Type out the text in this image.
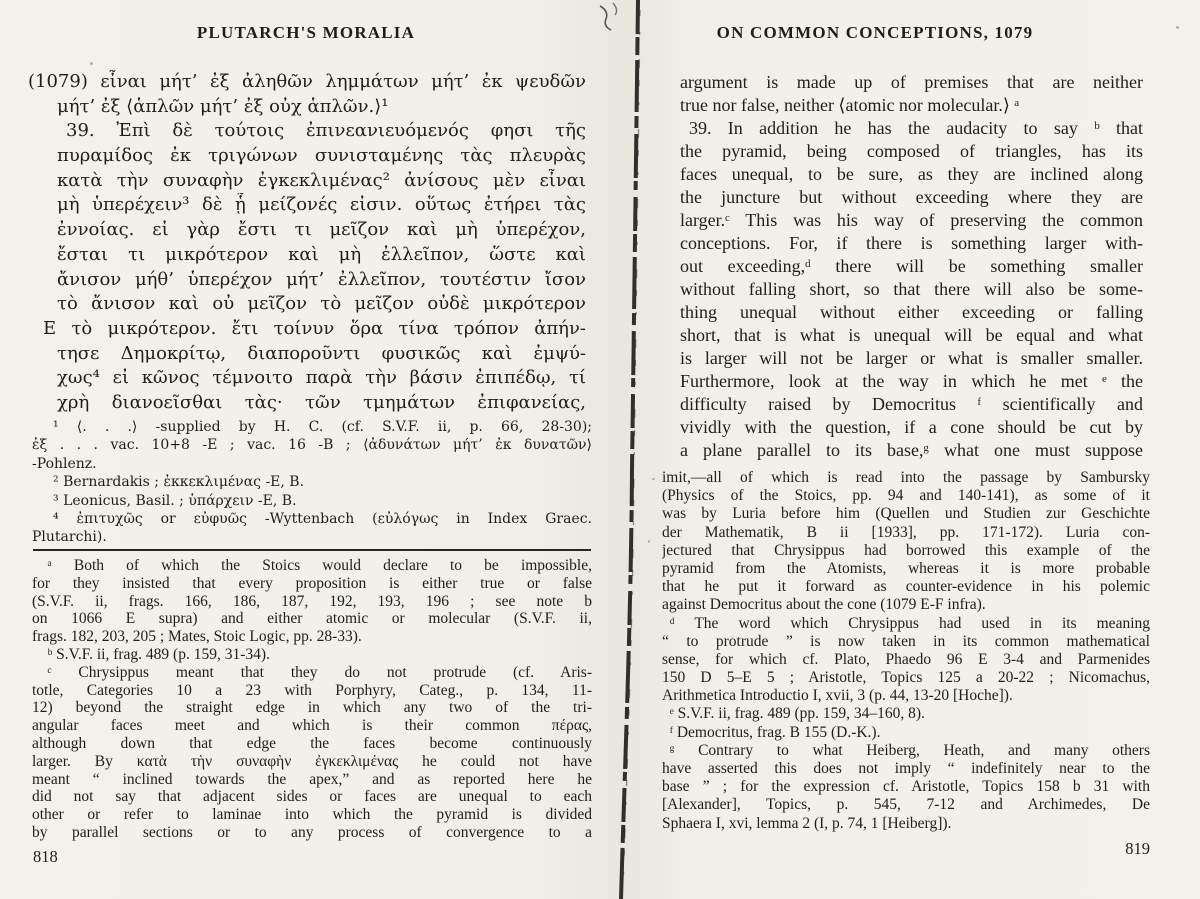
PLUTARCH'S MORALIA
(1079) εἶναι μήτ’ ἐξ ἀληθῶν λημμάτων μήτ’ ἐκ ψευδῶν
μήτ’ ἐξ ⟨ἁπλῶν μήτ’ ἐξ οὐχ ἁπλῶν.⟩¹
 39. Ἐπὶ δὲ τούτοις ἐπινεανιευόμενός φησι τῆς
πυραμίδος ἐκ τριγώνων συνισταμένης τὰς πλευρὰς
κατὰ τὴν συναφὴν ἐγκεκλιμένας² ἀνίσους μὲν εἶναι
μὴ ὑπερέχειν³ δὲ ᾗ μείζονές εἰσιν. οὕτως ἐτήρει τὰς
ἐννοίας. εἰ γὰρ ἔστι τι μεῖζον καὶ μὴ ὑπερέχον,
ἔσται τι μικρότερον καὶ μὴ ἐλλεῖπον, ὥστε καὶ
ἄνισον μήθ’ ὑπερέχον μήτ’ ἐλλεῖπον, τουτέστιν ἴσον
τὸ ἄνισον καὶ οὐ μεῖζον τὸ μεῖζον οὐδὲ μικρότερον
E τὸ μικρότερον. ἔτι τοίνυν ὅρα τίνα τρόπον ἀπήν-
τησε Δημοκρίτῳ, διαποροῦντι φυσικῶς καὶ ἐμψύ-
χως⁴ εἰ κῶνος τέμνοιτο παρὰ τὴν βάσιν ἐπιπέδῳ, τί
χρὴ διανοεῖσθαι τὰς· τῶν τμημάτων ἐπιφανείας,
  ¹ ⟨. . .⟩ -supplied by H. C. (cf. S.V.F. ii, p. 66, 28-30);
ἐξ . . . vac. 10+8 -E ; vac. 16 -B ; ⟨ἀδυνάτων μήτ’ ἐκ δυνατῶν⟩
-Pohlenz.
  ² Bernardakis ; ἐκκεκλιμένας -E, B.
  ³ Leonicus, Basil. ; ὑπάρχειν -E, B.
  ⁴ ἐπιτυχῶς or εὐφυῶς -Wyttenbach (εὐλόγως in Index Graec.
Plutarchi).
 ᵃ Both of which the Stoics would declare to be impossible,
for they insisted that every proposition is either true or false
(S.V.F. ii, frags. 166, 186, 187, 192, 193, 196 ; see note b
on 1066 E supra) and either atomic or molecular (S.V.F. ii,
frags. 182, 203, 205 ; Mates, Stoic Logic, pp. 28-33).
 ᵇ S.V.F. ii, frag. 489 (p. 159, 31-34).
 ᶜ Chrysippus meant that they do not protrude (cf. Aris-
totle, Categories 10 a 23 with Porphyry, Categ., p. 134, 11-
12) beyond the straight edge in which any two of the tri-
angular faces meet and which is their common πέρας,
although down that edge the faces become continuously
larger. By κατὰ τὴν συναφὴν ἐγκεκλιμένας he could not have
meant “ inclined towards the apex,” and as reported here he
did not say that adjacent sides or faces are unequal to each
other or refer to laminae into which the pyramid is divided
by parallel sections or to any process of convergence to a
818
ON COMMON CONCEPTIONS, 1079
argument is made up of premises that are neither
true nor false, neither ⟨atomic nor molecular.⟩ ᵃ
 39. In addition he has the audacity to say ᵇ that
the pyramid, being composed of triangles, has its
faces unequal, to be sure, as they are inclined along
the juncture but without exceeding where they are
larger.ᶜ This was his way of preserving the common
conceptions. For, if there is something larger with-
out exceeding,ᵈ there will be something smaller
without falling short, so that there will also be some-
thing unequal without either exceeding or falling
short, that is what is unequal will be equal and what
is larger will not be larger or what is smaller smaller.
Furthermore, look at the way in which he met ᵉ the
difficulty raised by Democritus ᶠ scientifically and
vividly with the question, if a cone should be cut by
a plane parallel to its base,ᵍ what one must suppose
imit,—all of which is read into the passage by Sambursky
(Physics of the Stoics, pp. 94 and 140-141), as some of it
was by Luria before him (Quellen und Studien zur Geschichte
der Mathematik, B ii [1933], pp. 171-172). Luria con-
jectured that Chrysippus had borrowed this example of the
pyramid from the Atomists, whereas it is more probable
that he put it forward as counter-evidence in his polemic
against Democritus about the cone (1079 E-F infra).
 ᵈ The word which Chrysippus had used in its meaning
“ to protrude ” is now taken in its common mathematical
sense, for which cf. Plato, Phaedo 96 E 3-4 and Parmenides
150 D 5–E 5 ; Aristotle, Topics 125 a 20-22 ; Nicomachus,
Arithmetica Introductio I, xvii, 3 (p. 44, 13-20 [Hoche]).
 ᵉ S.V.F. ii, frag. 489 (pp. 159, 34–160, 8).
 ᶠ Democritus, frag. B 155 (D.-K.).
 ᵍ Contrary to what Heiberg, Heath, and many others
have asserted this does not imply “ indefinitely near to the
base ” ; for the expression cf. Aristotle, Topics 158 b 31 with
[Alexander], Topics, p. 545, 7-12 and Archimedes, De
Sphaera I, xvi, lemma 2 (I, p. 74, 1 [Heiberg]).
819
